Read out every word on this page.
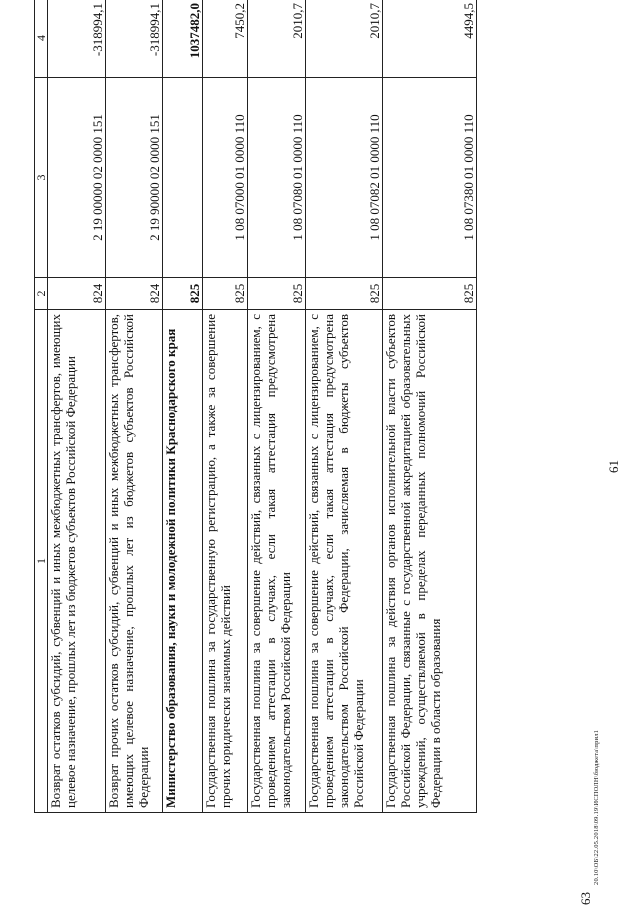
61
1	2	3	4
Возврат остатков субсидий, субвенций и иных межбюджетных трансфертов, имеющих целевое назначение, прошлых лет из бюджетов субъектов Российской Федерации	824	2 19 00000 02 0000 151	-318994,1
Возврат прочих остатков субсидий, субвенций и иных межбюджетных трансфертов, имеющих целевое назначение, прошлых лет из бюджетов субъектов Российской Федерации	824	2 19 90000 02 0000 151	-318994,1
Министерство образования, науки и молодежной политики Краснодарского края	825		1037482,0
Государственная пошлина за государственную регистрацию, а также за совершение прочих юридически значимых действий	825	1 08 07000 01 0000 110	7450,2
Государственная пошлина за совершение действий, связанных с лицензированием, с проведением аттестации в случаях, если такая аттестация предусмотрена законодательством Российской Федерации	825	1 08 07080 01 0000 110	2010,7
Государственная пошлина за совершение действий, связанных с лицензированием, с проведением аттестации в случаях, если такая аттестация предусмотрена законодательством Российской Федерации, зачисляемая в бюджеты субъектов Российской Федерации	825	1 08 07082 01 0000 110	2010,7
Государственная пошлина за действия органов исполнительной власти субъектов Российской Федерации, связанные с государственной аккредитацией образовательных учреждений, осуществляемой в пределах переданных полномочий Российской Федерации в области образования	825	1 08 07380 01 0000 110	4494,5
20.10\ОБ\22.05.2018\09.19\ИСПОЛН\бюджета\прил1
63
